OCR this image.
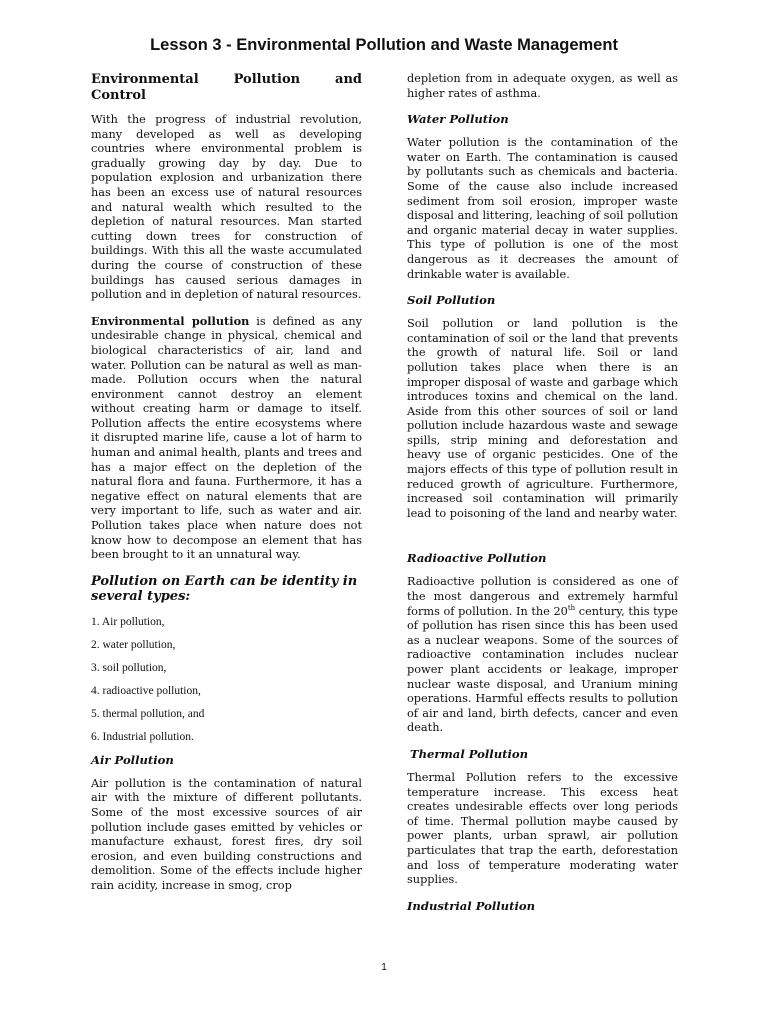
Lesson 3 - Environmental Pollution and Waste Management
Environmental Pollution and
Control

With the progress of industrial revolution, many developed as well as developing countries where environmental problem is gradually growing day by day. Due to population explosion and urbanization there has been an excess use of natural resources and natural wealth which resulted to the depletion of natural resources. Man started cutting down trees for construction of buildings. With this all the waste accumulated during the course of construction of these buildings has caused serious damages in pollution and in depletion of natural resources.

Environmental pollution is defined as any undesirable change in physical, chemical and biological characteristics of air, land and water. Pollution can be natural as well as man-made. Pollution occurs when the natural environment cannot destroy an element without creating harm or damage to itself. Pollution affects the entire ecosystems where it disrupted marine life, cause a lot of harm to human and animal health, plants and trees and has a major effect on the depletion of the natural flora and fauna. Furthermore, it has a negative effect on natural elements that are very important to life, such as water and air. Pollution takes place when nature does not know how to decompose an element that has been brought to it an unnatural way.

Pollution on Earth can be identity in several types:
1. Air pollution,
2. water pollution,
3. soil pollution,
4. radioactive pollution,
5. thermal pollution, and
6. Industrial pollution.
Air Pollution

Air pollution is the contamination of natural air with the mixture of different pollutants. Some of the most excessive sources of air pollution include gases emitted by vehicles or manufacture exhaust, forest fires, dry soil erosion, and even building constructions and demolition. Some of the effects include higher rain acidity, increase in smog, crop

depletion from in adequate oxygen, as well as higher rates of asthma.

Water Pollution

Water pollution is the contamination of the water on Earth. The contamination is caused by pollutants such as chemicals and bacteria. Some of the cause also include increased sediment from soil erosion, improper waste disposal and littering, leaching of soil pollution and organic material decay in water supplies. This type of pollution is one of the most dangerous as it decreases the amount of drinkable water is available.

Soil Pollution

Soil pollution or land pollution is the contamination of soil or the land that prevents the growth of natural life. Soil or land pollution takes place when there is an improper disposal of waste and garbage which introduces toxins and chemical on the land. Aside from this other sources of soil or land pollution include hazardous waste and sewage spills, strip mining and deforestation and heavy use of organic pesticides. One of the majors effects of this type of pollution result in reduced growth of agriculture. Furthermore, increased soil contamination will primarily lead to poisoning of the land and nearby water.

Radioactive Pollution

Radioactive pollution is considered as one of the most dangerous and extremely harmful forms of pollution. In the 20th century, this type of pollution has risen since this has been used as a nuclear weapons. Some of the sources of radioactive contamination includes nuclear power plant accidents or leakage, improper nuclear waste disposal, and Uranium mining operations. Harmful effects results to pollution of air and land, birth defects, cancer and even death.

Thermal Pollution

Thermal Pollution refers to the excessive temperature increase. This excess heat creates undesirable effects over long periods of time. Thermal pollution maybe caused by power plants, urban sprawl, air pollution particulates that trap the earth, deforestation and loss of temperature moderating water supplies.

Industrial Pollution
1
